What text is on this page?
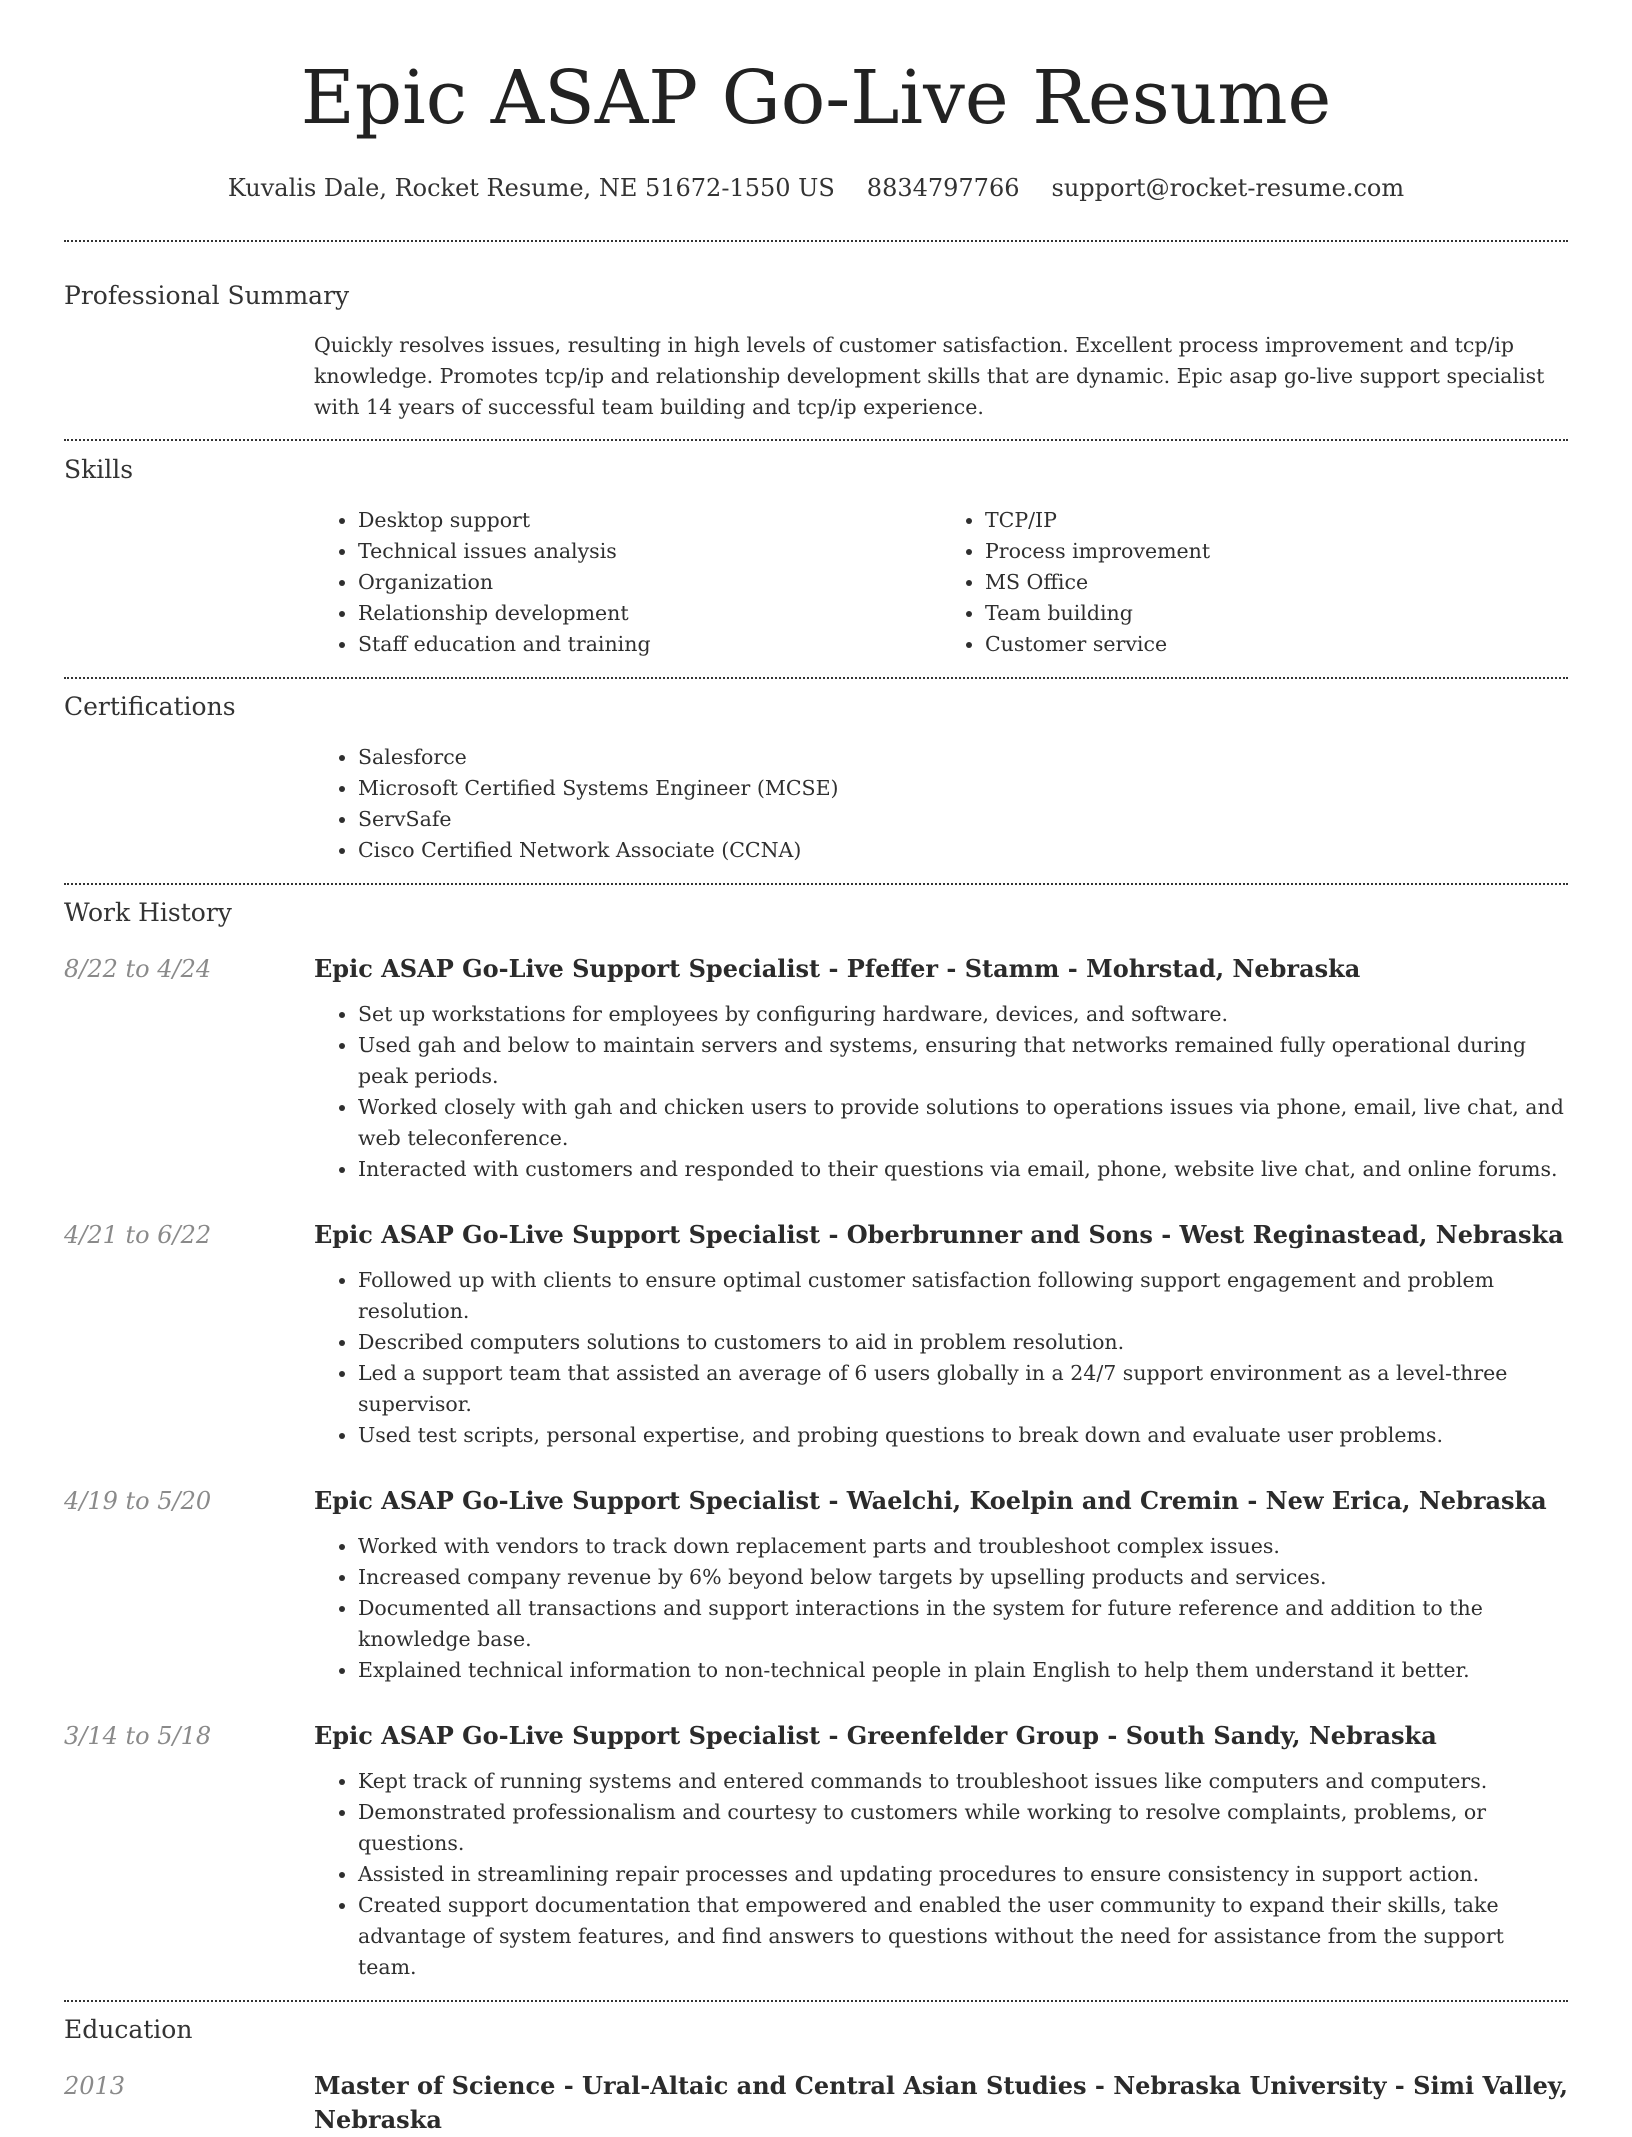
Epic ASAP Go-Live Resume
Kuvalis Dale, Rocket Resume, NE 51672-1550 US 8834797766 support@rocket-resume.com
Professional Summary

Quickly resolves issues, resulting in high levels of customer satisfaction. Excellent process improvement and tcp/ip knowledge. Promotes tcp/ip and relationship development skills that are dynamic. Epic asap go-live support specialist with 14 years of successful team building and tcp/ip experience.

Skills
• Desktop support
• Technical issues analysis
• Organization
• Relationship development
• Staff education and training
• TCP/IP
• Process improvement
• MS Office
• Team building
• Customer service
Certifications
• Salesforce
• Microsoft Certified Systems Engineer (MCSE)
• ServSafe
• Cisco Certified Network Associate (CCNA)
Work History
8/22 to 4/24	Epic ASAP Go-Live Support Specialist - Pfeffer - Stamm - Mohrstad, Nebraska
• Set up workstations for employees by configuring hardware, devices, and software.
• Used gah and below to maintain servers and systems, ensuring that networks remained fully operational during peak periods.
• Worked closely with gah and chicken users to provide solutions to operations issues via phone, email, live chat, and web teleconference.
• Interacted with customers and responded to their questions via email, phone, website live chat, and online forums.
4/21 to 6/22	Epic ASAP Go-Live Support Specialist - Oberbrunner and Sons - West Reginastead, Nebraska
• Followed up with clients to ensure optimal customer satisfaction following support engagement and problem resolution.
• Described computers solutions to customers to aid in problem resolution.
• Led a support team that assisted an average of 6 users globally in a 24/7 support environment as a level-three supervisor.
• Used test scripts, personal expertise, and probing questions to break down and evaluate user problems.
4/19 to 5/20	Epic ASAP Go-Live Support Specialist - Waelchi, Koelpin and Cremin - New Erica, Nebraska
• Worked with vendors to track down replacement parts and troubleshoot complex issues.
• Increased company revenue by 6% beyond below targets by upselling products and services.
• Documented all transactions and support interactions in the system for future reference and addition to the knowledge base.
• Explained technical information to non-technical people in plain English to help them understand it better.
3/14 to 5/18	Epic ASAP Go-Live Support Specialist - Greenfelder Group - South Sandy, Nebraska
• Kept track of running systems and entered commands to troubleshoot issues like computers and computers.
• Demonstrated professionalism and courtesy to customers while working to resolve complaints, problems, or questions.
• Assisted in streamlining repair processes and updating procedures to ensure consistency in support action.
• Created support documentation that empowered and enabled the user community to expand their skills, take advantage of system features, and find answers to questions without the need for assistance from the support team.
Education
2013	Master of Science - Ural-Altaic and Central Asian Studies - Nebraska University - Simi Valley, Nebraska
